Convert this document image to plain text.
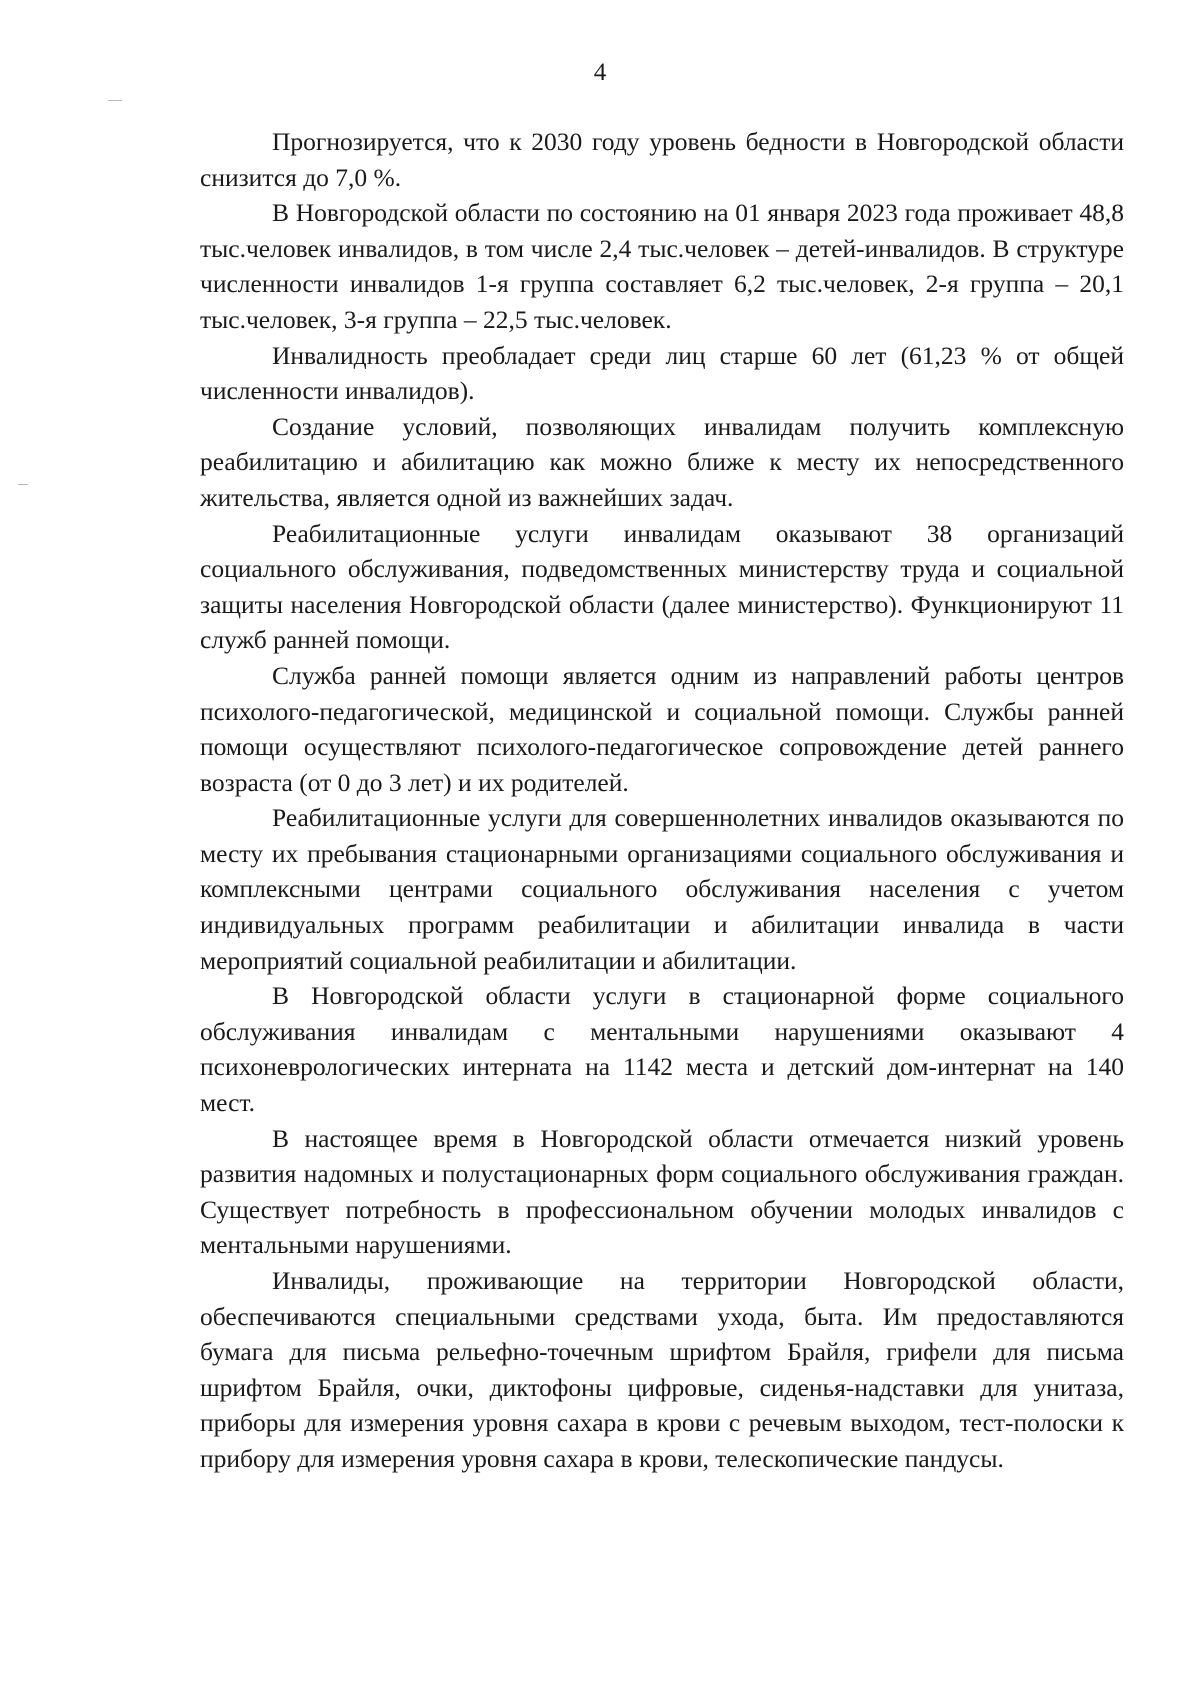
4

Прогнозируется, что к 2030 году уровень бедности в Новгородской области снизится до 7,0 %.

В Новгородской области по состоянию на 01 января 2023 года проживает 48,8 тыс.человек инвалидов, в том числе 2,4 тыс.человек – детей-инвалидов. В структуре численности инвалидов 1-я группа составляет 6,2 тыс.человек, 2-я группа – 20,1 тыс.человек, 3-я группа – 22,5 тыс.человек.

Инвалидность преобладает среди лиц старше 60 лет (61,23 % от общей численности инвалидов).

Создание условий, позволяющих инвалидам получить комплексную реабилитацию и абилитацию как можно ближе к месту их непосредственного жительства, является одной из важнейших задач.

Реабилитационные услуги инвалидам оказывают 38 организаций социального обслуживания, подведомственных министерству труда и социальной защиты населения Новгородской области (далее министерство). Функционируют 11 служб ранней помощи.

Служба ранней помощи является одним из направлений работы центров психолого-педагогической, медицинской и социальной помощи. Службы ранней помощи осуществляют психолого-педагогическое сопровождение детей раннего возраста (от 0 до 3 лет) и их родителей.

Реабилитационные услуги для совершеннолетних инвалидов оказываются по месту их пребывания стационарными организациями социального обслуживания и комплексными центрами социального обслуживания населения с учетом индивидуальных программ реабилитации и абилитации инвалида в части мероприятий социальной реабилитации и абилитации.

В Новгородской области услуги в стационарной форме социального обслуживания инвалидам с ментальными нарушениями оказывают 4 психоневрологических интерната на 1142 места и детский дом-интернат на 140 мест.

В настоящее время в Новгородской области отмечается низкий уровень развития надомных и полустационарных форм социального обслуживания граждан. Существует потребность в профессиональном обучении молодых инвалидов с ментальными нарушениями.

Инвалиды, проживающие на территории Новгородской области, обеспечиваются специальными средствами ухода, быта. Им предоставляются бумага для письма рельефно-точечным шрифтом Брайля, грифели для письма шрифтом Брайля, очки, диктофоны цифровые, сиденья-надставки для унитаза, приборы для измерения уровня сахара в крови с речевым выходом, тест-полоски к прибору для измерения уровня сахара в крови, телескопические пандусы.
